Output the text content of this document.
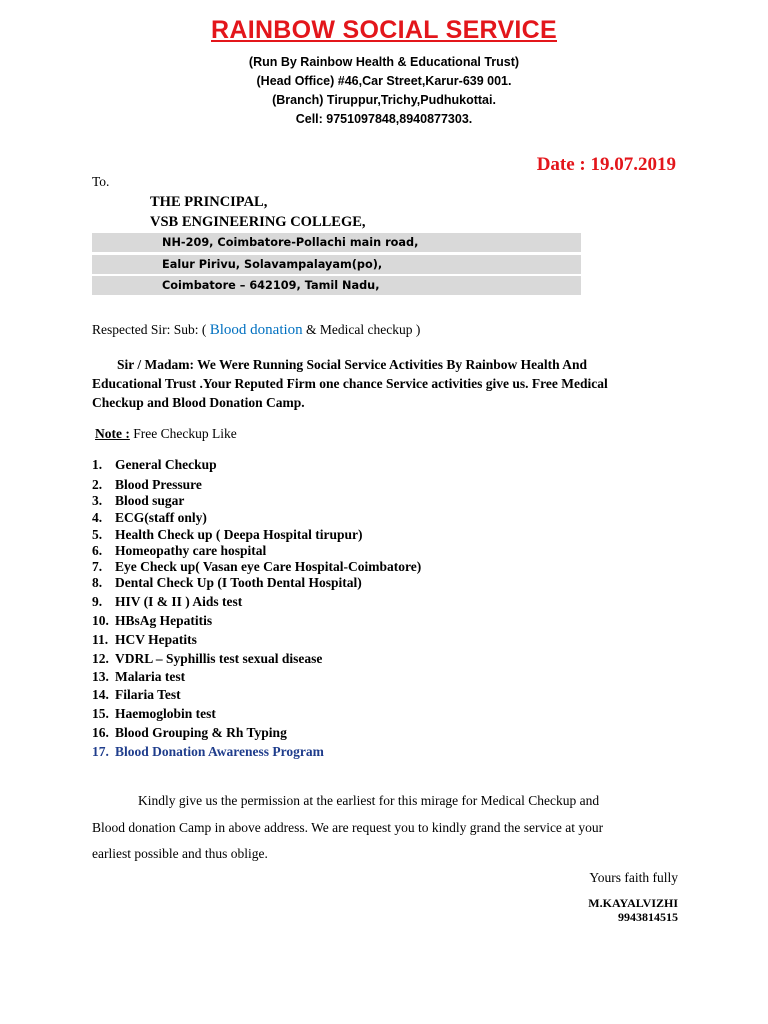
RAINBOW SOCIAL SERVICE
(Run By Rainbow Health & Educational Trust)
(Head Office) #46,Car Street,Karur-639 001.
(Branch) Tiruppur,Trichy,Pudhukottai.
Cell: 9751097848,8940877303.
Date : 19.07.2019
To.
THE PRINCIPAL,
VSB ENGINEERING COLLEGE,
NH-209, Coimbatore-Pollachi main road,
Ealur Pirivu, Solavampalayam(po),
Coimbatore – 642109, Tamil Nadu,
Respected Sir: Sub: ( Blood donation & Medical checkup )
Sir / Madam: We Were Running Social Service Activities By Rainbow Health And
Educational Trust .Your Reputed Firm one chance Service activities give us. Free Medical
Checkup and Blood Donation Camp.
Note : Free Checkup Like
1. General Checkup
2. Blood Pressure
3. Blood sugar
4. ECG(staff only)
5. Health Check up ( Deepa Hospital tirupur)
6. Homeopathy care hospital
7. Eye Check up( Vasan eye Care Hospital-Coimbatore)
8. Dental Check Up (I Tooth Dental Hospital)
9. HIV (I & II ) Aids test
10. HBsAg Hepatitis
11. HCV Hepatits
12. VDRL – Syphillis test sexual disease
13. Malaria test
14. Filaria Test
15. Haemoglobin test
16. Blood Grouping & Rh Typing
17. Blood Donation Awareness Program
Kindly give us the permission at the earliest for this mirage for Medical Checkup and
Blood donation Camp in above address. We are request you to kindly grand the service at your
earliest possible and thus oblige.
Yours faith fully
M.KAYALVIZHI
9943814515
